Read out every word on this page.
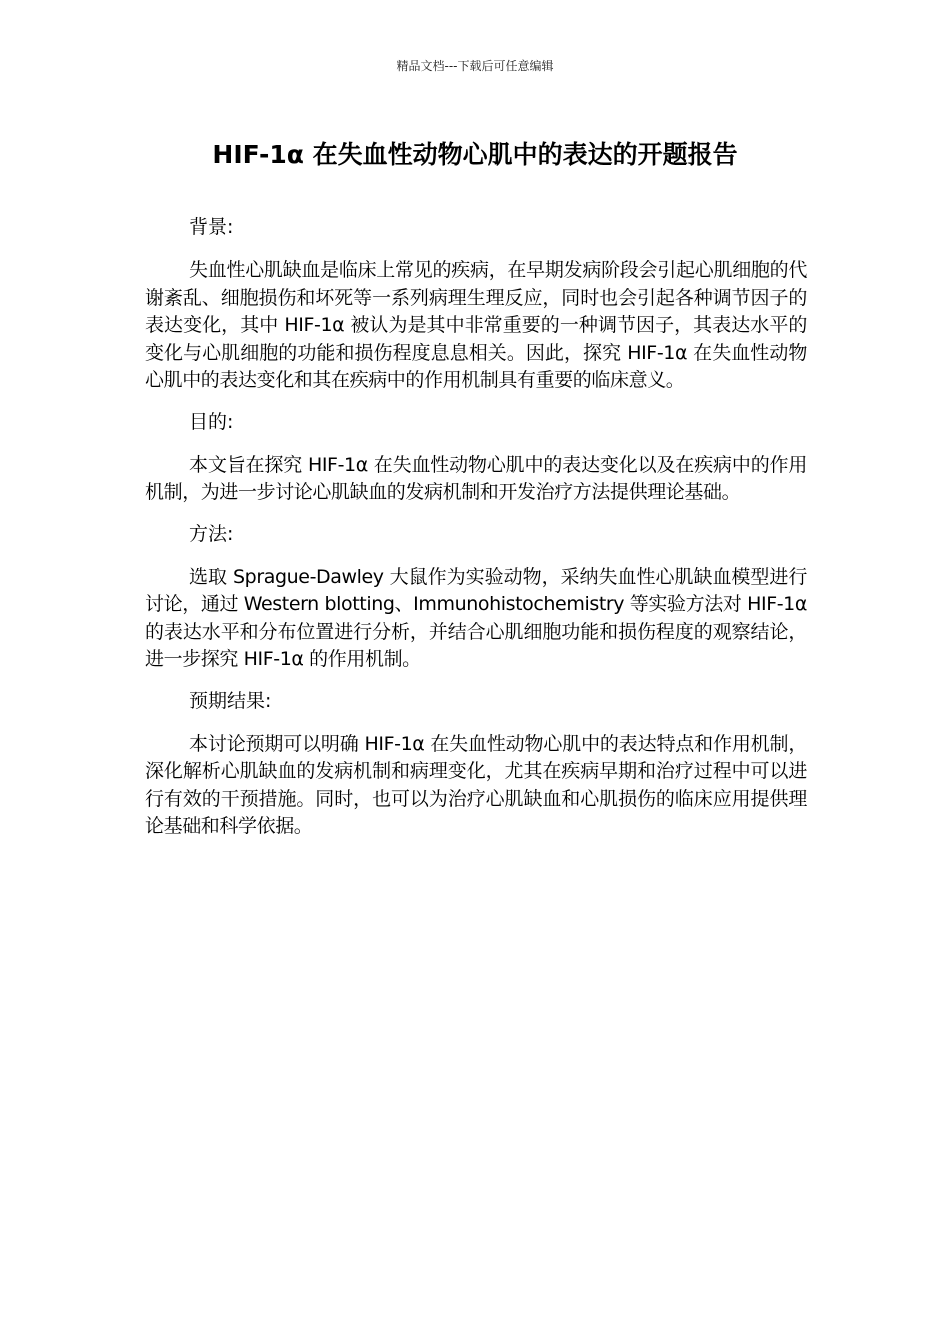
精品文档---下载后可任意编辑
HIF-1α 在失血性动物心肌中的表达的开题报告

背景:

失血性心肌缺血是临床上常见的疾病，在早期发病阶段会引起心肌细胞的代谢紊乱、细胞损伤和坏死等一系列病理生理反应，同时也会引起各种调节因子的表达变化，其中 HIF-1α 被认为是其中非常重要的一种调节因子，其表达水平的变化与心肌细胞的功能和损伤程度息息相关。因此，探究 HIF-1α 在失血性动物心肌中的表达变化和其在疾病中的作用机制具有重要的临床意义。

目的:

本文旨在探究 HIF-1α 在失血性动物心肌中的表达变化以及在疾病中的作用机制，为进一步讨论心肌缺血的发病机制和开发治疗方法提供理论基础。

方法:

选取 Sprague-Dawley 大鼠作为实验动物，采纳失血性心肌缺血模型进行讨论，通过 Western blotting、Immunohistochemistry 等实验方法对 HIF-1α 的表达水平和分布位置进行分析，并结合心肌细胞功能和损伤程度的观察结论，进一步探究 HIF-1α 的作用机制。

预期结果:

本讨论预期可以明确 HIF-1α 在失血性动物心肌中的表达特点和作用机制，深化解析心肌缺血的发病机制和病理变化，尤其在疾病早期和治疗过程中可以进行有效的干预措施。同时，也可以为治疗心肌缺血和心肌损伤的临床应用提供理论基础和科学依据。
